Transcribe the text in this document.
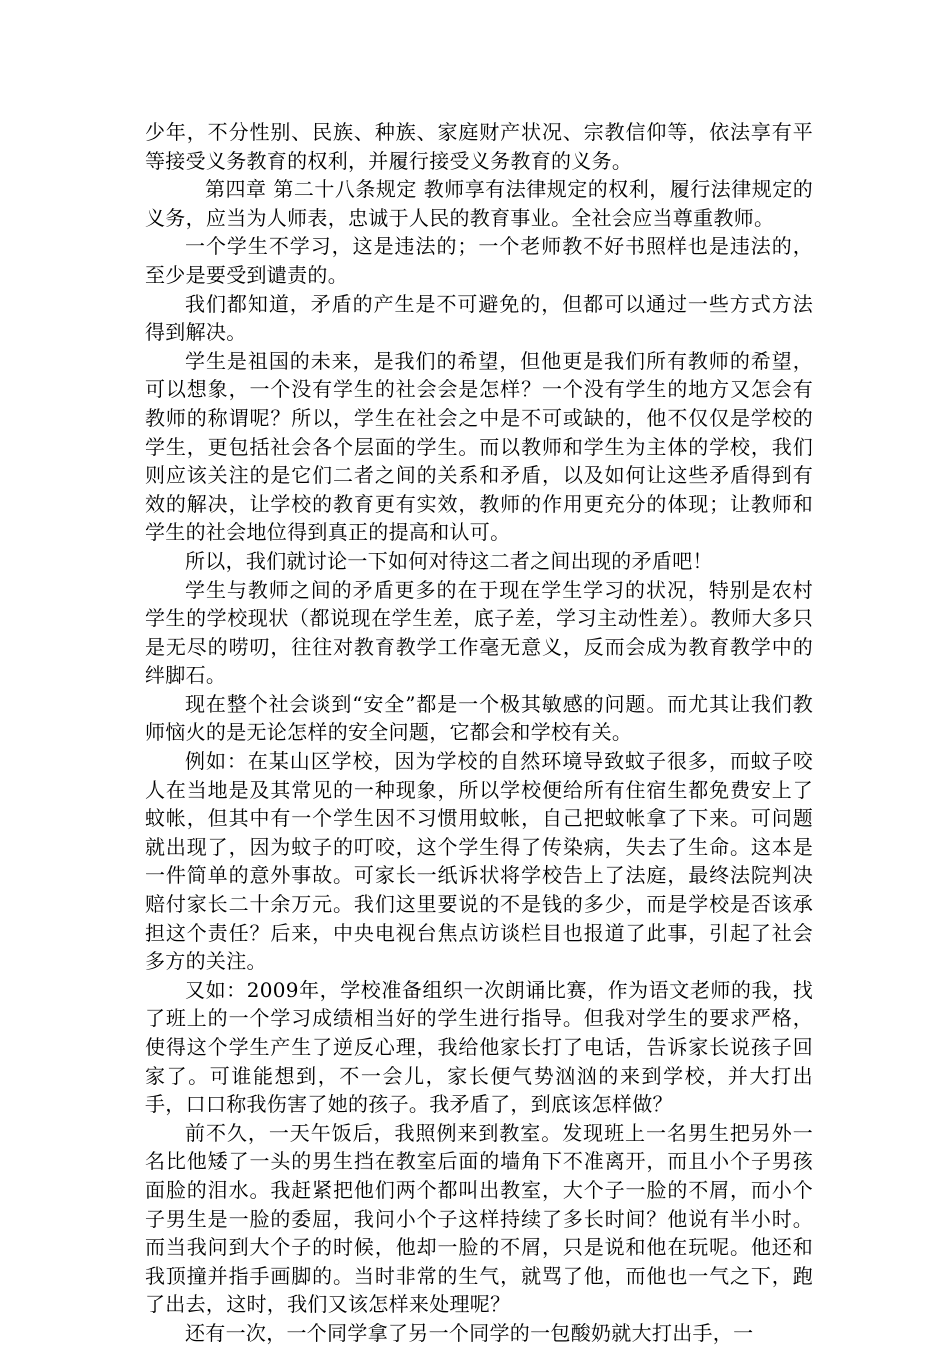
少年，不分性别、民族、种族、家庭财产状况、宗教信仰等，依法享有平等接受义务教育的权利，并履行接受义务教育的义务。

第四章 第二十八条规定 教师享有法律规定的权利，履行法律规定的义务，应当为人师表，忠诚于人民的教育事业。全社会应当尊重教师。

一个学生不学习，这是违法的；一个老师教不好书照样也是违法的，至少是要受到谴责的。

我们都知道，矛盾的产生是不可避免的，但都可以通过一些方式方法得到解决。

学生是祖国的未来，是我们的希望，但他更是我们所有教师的希望，可以想象，一个没有学生的社会会是怎样？一个没有学生的地方又怎会有教师的称谓呢？所以，学生在社会之中是不可或缺的，他不仅仅是学校的学生，更包括社会各个层面的学生。而以教师和学生为主体的学校，我们则应该关注的是它们二者之间的关系和矛盾，以及如何让这些矛盾得到有效的解决，让学校的教育更有实效，教师的作用更充分的体现；让教师和学生的社会地位得到真正的提高和认可。

所以，我们就讨论一下如何对待这二者之间出现的矛盾吧！

学生与教师之间的矛盾更多的在于现在学生学习的状况，特别是农村学生的学校现状（都说现在学生差，底子差，学习主动性差）。教师大多只是无尽的唠叨，往往对教育教学工作毫无意义，反而会成为教育教学中的绊脚石。

现在整个社会谈到“安全”都是一个极其敏感的问题。而尤其让我们教师恼火的是无论怎样的安全问题，它都会和学校有关。

例如：在某山区学校，因为学校的自然环境导致蚊子很多，而蚊子咬人在当地是及其常见的一种现象，所以学校便给所有住宿生都免费安上了蚊帐，但其中有一个学生因不习惯用蚊帐，自己把蚊帐拿了下来。可问题就出现了，因为蚊子的叮咬，这个学生得了传染病，失去了生命。这本是一件简单的意外事故。可家长一纸诉状将学校告上了法庭，最终法院判决赔付家长二十余万元。我们这里要说的不是钱的多少，而是学校是否该承担这个责任？后来，中央电视台焦点访谈栏目也报道了此事，引起了社会多方的关注。

又如：2009年，学校准备组织一次朗诵比赛，作为语文老师的我，找了班上的一个学习成绩相当好的学生进行指导。但我对学生的要求严格，使得这个学生产生了逆反心理，我给他家长打了电话，告诉家长说孩子回家了。可谁能想到，不一会儿，家长便气势汹汹的来到学校，并大打出手，口口称我伤害了她的孩子。我矛盾了，到底该怎样做？

前不久，一天午饭后，我照例来到教室。发现班上一名男生把另外一名比他矮了一头的男生挡在教室后面的墙角下不准离开，而且小个子男孩面脸的泪水。我赶紧把他们两个都叫出教室，大个子一脸的不屑，而小个子男生是一脸的委屈，我问小个子这样持续了多长时间？他说有半小时。而当我问到大个子的时候，他却一脸的不屑，只是说和他在玩呢。他还和我顶撞并指手画脚的。当时非常的生气，就骂了他，而他也一气之下，跑了出去，这时，我们又该怎样来处理呢？

还有一次，一个同学拿了另一个同学的一包酸奶就大打出手，一
